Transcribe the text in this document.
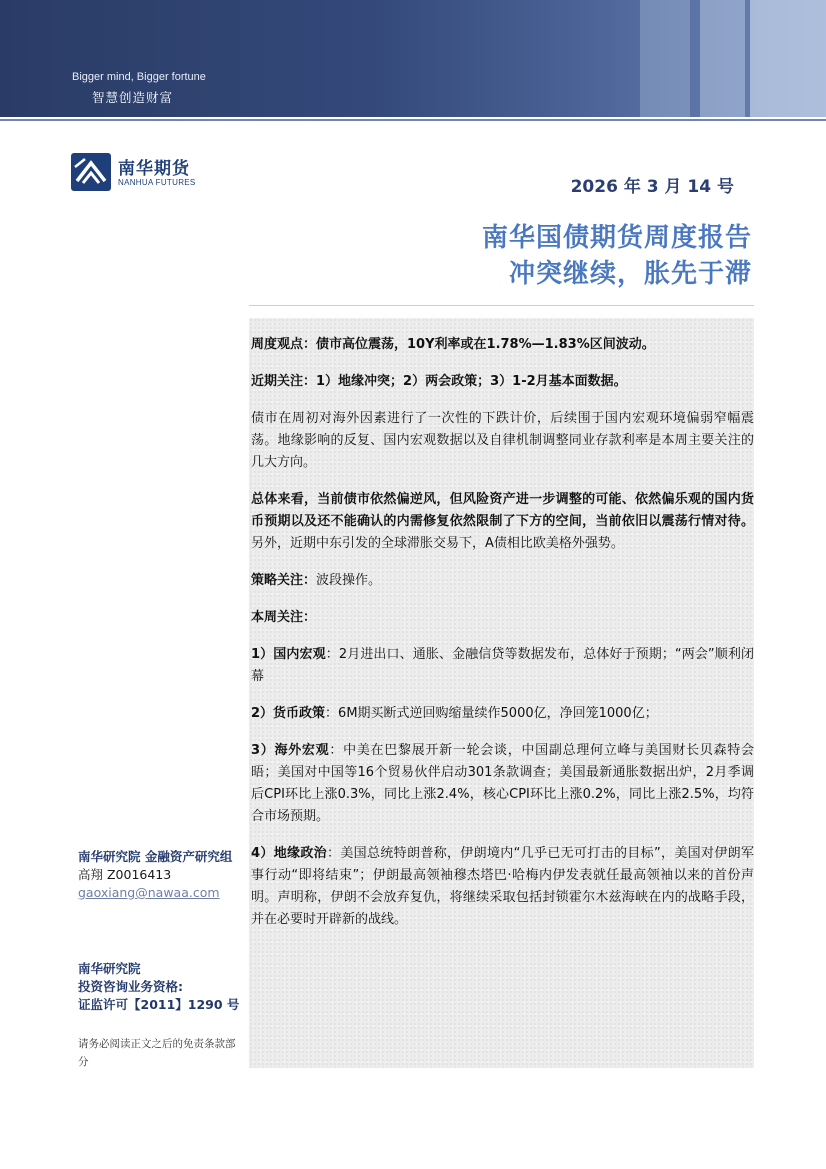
Bigger mind, Bigger fortune
智慧创造财富
南华期货
NANHUA FUTURES	2026 年 3 月 14 号
南华国债期货周度报告
冲突继续，胀先于滞

周度观点：债市高位震荡，10Y利率或在1.78%—1.83%区间波动。

近期关注：1）地缘冲突；2）两会政策；3）1-2月基本面数据。

债市在周初对海外因素进行了一次性的下跌计价，后续围于国内宏观环境偏弱窄幅震荡。地缘影响的反复、国内宏观数据以及自律机制调整同业存款利率是本周主要关注的几大方向。

总体来看，当前债市依然偏逆风，但风险资产进一步调整的可能、依然偏乐观的国内货币预期以及还不能确认的内需修复依然限制了下方的空间，当前依旧以震荡行情对待。另外，近期中东引发的全球滞胀交易下，A债相比欧美格外强势。

策略关注：波段操作。

本周关注：

1）国内宏观：2月进出口、通胀、金融信贷等数据发布，总体好于预期；“两会”顺利闭幕

2）货币政策：6M期买断式逆回购缩量续作5000亿，净回笼1000亿；

3）海外宏观：中美在巴黎展开新一轮会谈，中国副总理何立峰与美国财长贝森特会晤；美国对中国等16个贸易伙伴启动301条款调查；美国最新通胀数据出炉，2月季调后CPI环比上涨0.3%，同比上涨2.4%，核心CPI环比上涨0.2%，同比上涨2.5%，均符合市场预期。

4）地缘政治：美国总统特朗普称，伊朗境内“几乎已无可打击的目标”，美国对伊朗军事行动“即将结束”；伊朗最高领袖穆杰塔巴·哈梅内伊发表就任最高领袖以来的首份声明。声明称，伊朗不会放弃复仇，将继续采取包括封锁霍尔木兹海峡在内的战略手段，并在必要时开辟新的战线。

南华研究院 金融资产研究组
高翔 Z0016413
gaoxiang@nawaa.com
南华研究院
投资咨询业务资格:
证监许可【2011】1290 号
请务必阅读正文之后的免责条款部分
